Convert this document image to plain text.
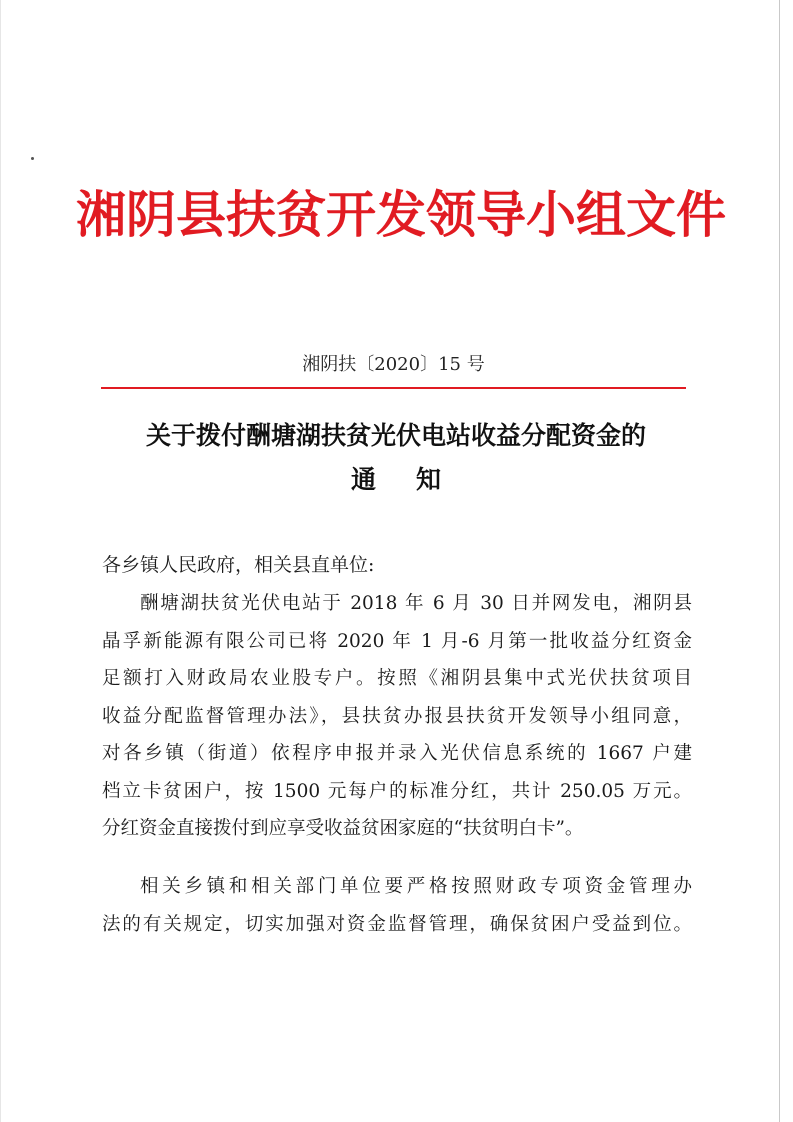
湘阴县扶贫开发领导小组文件
湘阴扶〔2020〕15 号
关于拨付酬塘湖扶贫光伏电站收益分配资金的
通知
各乡镇人民政府，相关县直单位:
酬塘湖扶贫光伏电站于 2018 年 6 月 30 日并网发电，湘阴县
晶孚新能源有限公司已将 2020 年 1 月-6 月第一批收益分红资金
足额打入财政局农业股专户。按照《湘阴县集中式光伏扶贫项目
收益分配监督管理办法》，县扶贫办报县扶贫开发领导小组同意，
对各乡镇（街道）依程序申报并录入光伏信息系统的 1667 户建
档立卡贫困户，按 1500 元每户的标准分红，共计 250.05 万元。
分红资金直接拨付到应享受收益贫困家庭的“扶贫明白卡”。
相关乡镇和相关部门单位要严格按照财政专项资金管理办
法的有关规定，切实加强对资金监督管理，确保贫困户受益到位。
